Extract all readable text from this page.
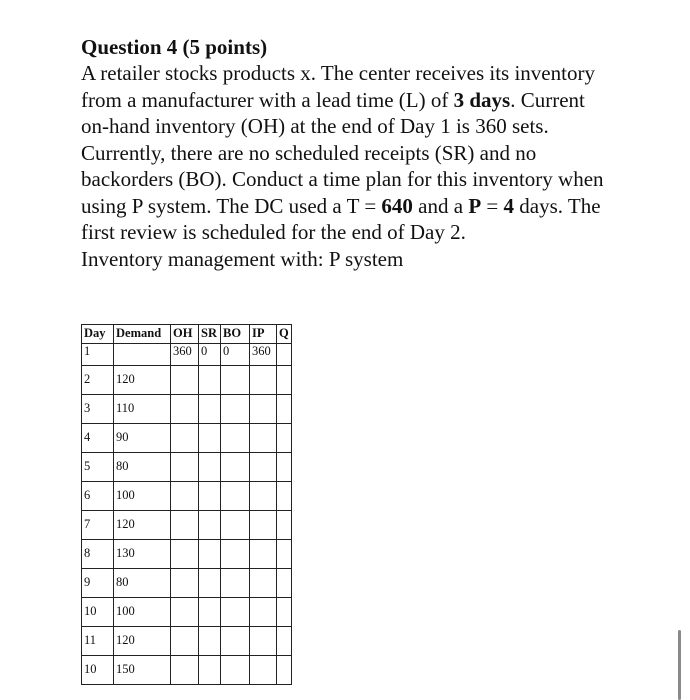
Question 4 (5 points)

A retailer stocks products x. The center receives its inventory from a manufacturer with a lead time (L) of 3 days. Current on-hand inventory (OH) at the end of Day 1 is 360 sets. Currently, there are no scheduled receipts (SR) and no backorders (BO). Conduct a time plan for this inventory when using P system. The DC used a T = 640 and a P = 4 days. The first review is scheduled for the end of Day 2.

Inventory management with: P system

Day	Demand	OH	SR	BO	IP	Q
1		360	0	0	360	
2	120					
3	110					
4	90					
5	80					
6	100					
7	120					
8	130					
9	80					
10	100					
11	120					
10	150					
